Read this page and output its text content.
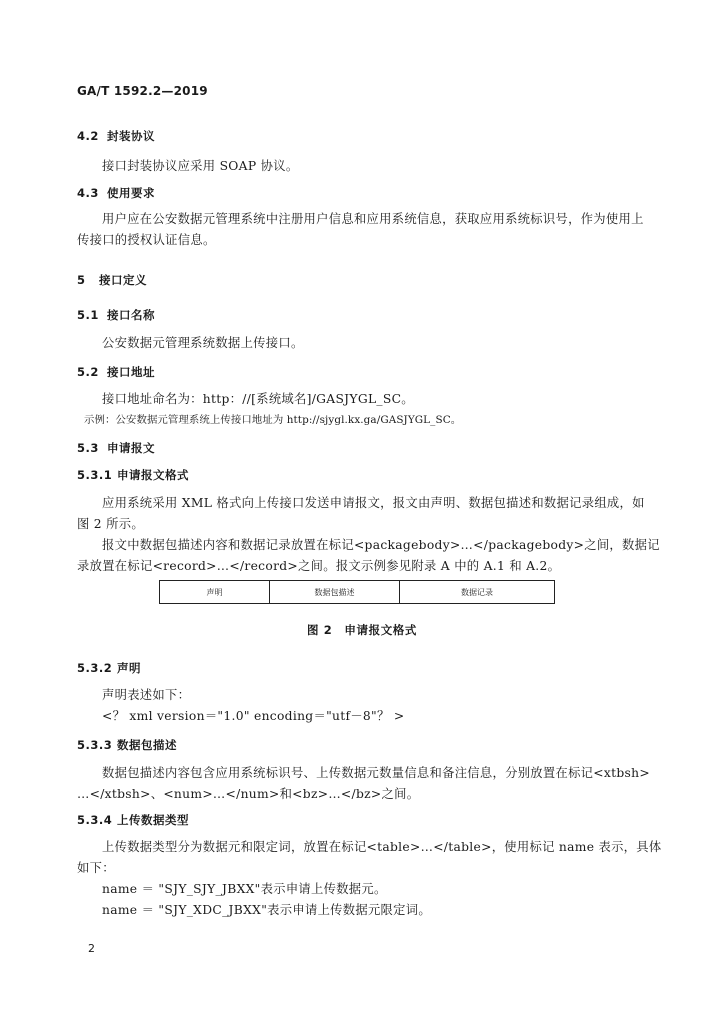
GA/T 1592.2—2019
4.2 封装协议
接口封装协议应采用 SOAP 协议。
4.3 使用要求
用户应在公安数据元管理系统中注册用户信息和应用系统信息，获取应用系统标识号，作为使用上
传接口的授权认证信息。
5 接口定义
5.1 接口名称
公安数据元管理系统数据上传接口。
5.2 接口地址
接口地址命名为：http：//[系统域名]/GASJYGL_SC。
示例：公安数据元管理系统上传接口地址为 http://sjygl.kx.ga/GASJYGL_SC。
5.3 申请报文
5.3.1 申请报文格式
应用系统采用 XML 格式向上传接口发送申请报文，报文由声明、数据包描述和数据记录组成，如
图 2 所示。
报文中数据包描述内容和数据记录放置在标记<packagebody>…</packagebody>之间，数据记
录放置在标记<record>…</record>之间。报文示例参见附录 A 中的 A.1 和 A.2。
声明	数据包描述	数据记录
图 2　申请报文格式
5.3.2 声明
声明表述如下：
<？ xml version＝"1.0" encoding＝"utf－8"？ >
5.3.3 数据包描述
数据包描述内容包含应用系统标识号、上传数据元数量信息和备注信息，分别放置在标记<xtbsh>
…</xtbsh>、<num>…</num>和<bz>…</bz>之间。
5.3.4 上传数据类型
上传数据类型分为数据元和限定词，放置在标记<table>…</table>，使用标记 name 表示，具体
如下：
name ＝ "SJY_SJY_JBXX"表示申请上传数据元。
name ＝ "SJY_XDC_JBXX"表示申请上传数据元限定词。
2
